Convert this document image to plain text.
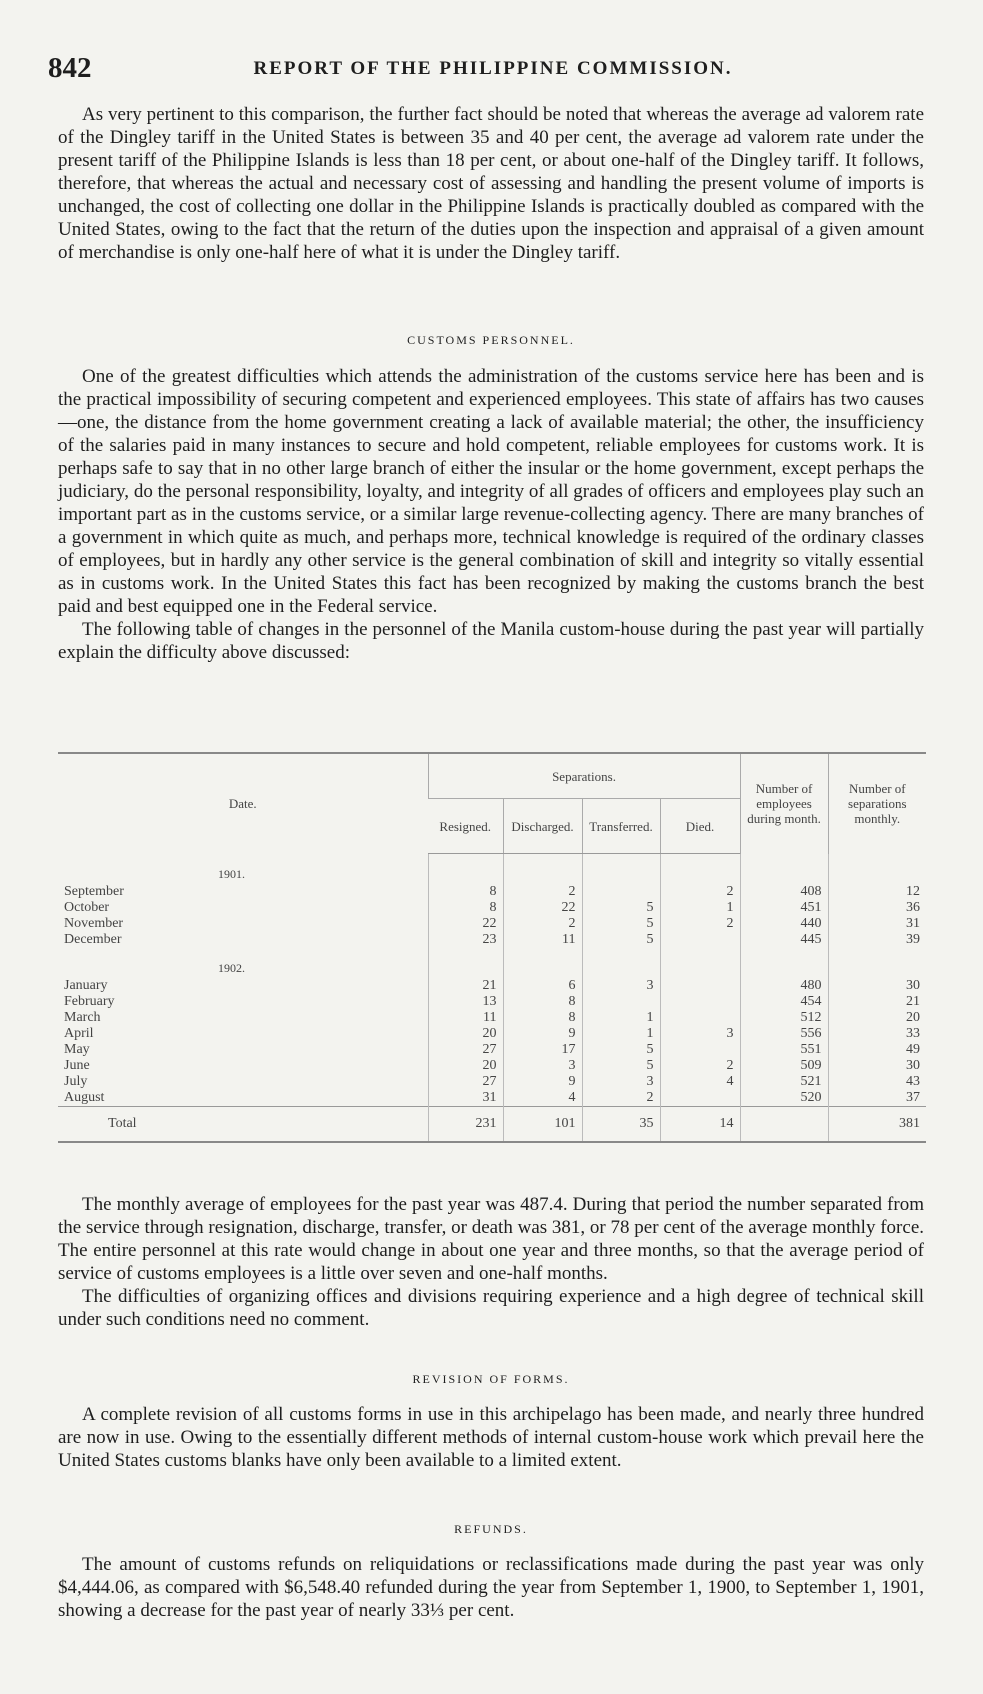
842	REPORT OF THE PHILIPPINE COMMISSION.

As very pertinent to this comparison, the further fact should be noted that whereas the average ad valorem rate of the Dingley tariff in the United States is between 35 and 40 per cent, the average ad valorem rate under the present tariff of the Philippine Islands is less than 18 per cent, or about one-half of the Dingley tariff. It follows, therefore, that whereas the actual and necessary cost of assessing and handling the present volume of imports is unchanged, the cost of collecting one dollar in the Philippine Islands is practically doubled as compared with the United States, owing to the fact that the return of the duties upon the inspection and appraisal of a given amount of merchandise is only one-half here of what it is under the Dingley tariff.

CUSTOMS PERSONNEL.

One of the greatest difficulties which attends the administration of the customs service here has been and is the practical impossibility of securing competent and experienced employees. This state of affairs has two causes—one, the distance from the home government creating a lack of available material; the other, the insufficiency of the salaries paid in many instances to secure and hold competent, reliable employees for customs work. It is perhaps safe to say that in no other large branch of either the insular or the home government, except perhaps the judiciary, do the personal responsibility, loyalty, and integrity of all grades of officers and employees play such an important part as in the customs service, or a similar large revenue-collecting agency. There are many branches of a government in which quite as much, and perhaps more, technical knowledge is required of the ordinary classes of employees, but in hardly any other service is the general combination of skill and integrity so vitally essential as in customs work. In the United States this fact has been recognized by making the customs branch the best paid and best equipped one in the Federal service.

The following table of changes in the personnel of the Manila custom-house during the past year will partially explain the difficulty above discussed:

Date.	Separations.				Number of employees during month.	Number of separations monthly.
	Resigned.	Discharged.	Transferred.	Died.		

1901.						
September	8	2		2	408	12
October	8	22	5	1	451	36
November	22	2	5	2	440	31
December	23	11	5		445	39

1902.						
January	21	6	3		480	30
February	13	8			454	21
March	11	8	1		512	20
April	20	9	1	3	556	33
May	27	17	5		551	49
June	20	3	5	2	509	30
July	27	9	3	4	521	43
August	31	4	2		520	37
Total	231	101	35	14		381

The monthly average of employees for the past year was 487.4. During that period the number separated from the service through resignation, discharge, transfer, or death was 381, or 78 per cent of the average monthly force. The entire personnel at this rate would change in about one year and three months, so that the average period of service of customs employees is a little over seven and one-half months.

The difficulties of organizing offices and divisions requiring experience and a high degree of technical skill under such conditions need no comment.

REVISION OF FORMS.

A complete revision of all customs forms in use in this archipelago has been made, and nearly three hundred are now in use. Owing to the essentially different methods of internal custom-house work which prevail here the United States customs blanks have only been available to a limited extent.

REFUNDS.

The amount of customs refunds on reliquidations or reclassifications made during the past year was only $4,444.06, as compared with $6,548.40 refunded during the year from September 1, 1900, to September 1, 1901, showing a decrease for the past year of nearly 33⅓ per cent.
